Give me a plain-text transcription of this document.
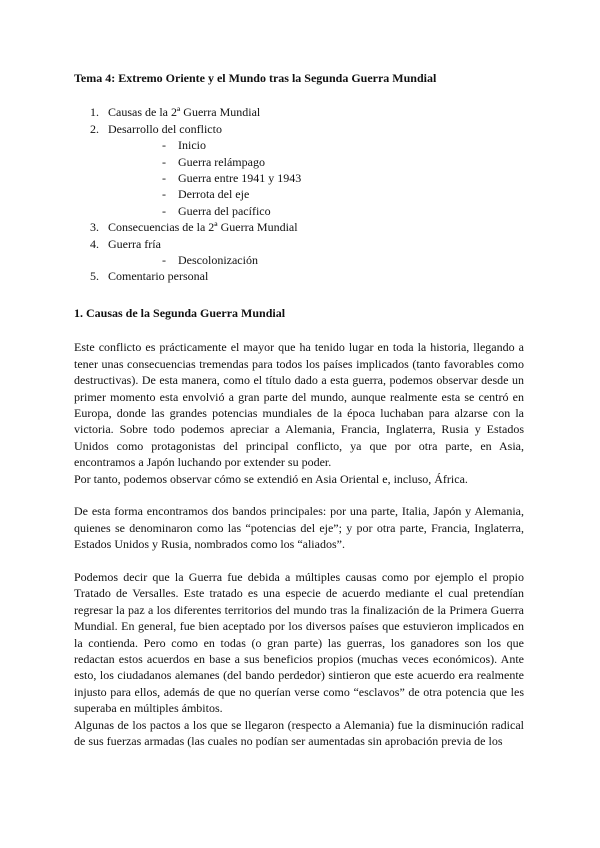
Tema 4: Extremo Oriente y el Mundo tras la Segunda Guerra Mundial
1. Causas de la 2ª Guerra Mundial
2. Desarrollo del conflicto
- Inicio
- Guerra relámpago
- Guerra entre 1941 y 1943
- Derrota del eje
- Guerra del pacífico
3. Consecuencias de la 2ª Guerra Mundial
4. Guerra fría
- Descolonización
5. Comentario personal
1. Causas de la Segunda Guerra Mundial

Este conflicto es prácticamente el mayor que ha tenido lugar en toda la historia, llegando a tener unas consecuencias tremendas para todos los países implicados (tanto favorables como destructivas). De esta manera, como el título dado a esta guerra, podemos observar desde un primer momento esta envolvió a gran parte del mundo, aunque realmente esta se centró en Europa, donde las grandes potencias mundiales de la época luchaban para alzarse con la victoria. Sobre todo podemos apreciar a Alemania, Francia, Inglaterra, Rusia y Estados Unidos como protagonistas del principal conflicto, ya que por otra parte, en Asia, encontramos a Japón luchando por extender su poder.

Por tanto, podemos observar cómo se extendió en Asia Oriental e, incluso, África.

De esta forma encontramos dos bandos principales: por una parte, Italia, Japón y Alemania, quienes se denominaron como las “potencias del eje”; y por otra parte, Francia, Inglaterra, Estados Unidos y Rusia, nombrados como los “aliados”.

Podemos decir que la Guerra fue debida a múltiples causas como por ejemplo el propio Tratado de Versalles. Este tratado es una especie de acuerdo mediante el cual pretendían regresar la paz a los diferentes territorios del mundo tras la finalización de la Primera Guerra Mundial. En general, fue bien aceptado por los diversos países que estuvieron implicados en la contienda. Pero como en todas (o gran parte) las guerras, los ganadores son los que redactan estos acuerdos en base a sus beneficios propios (muchas veces económicos). Ante esto, los ciudadanos alemanes (del bando perdedor) sintieron que este acuerdo era realmente injusto para ellos, además de que no querían verse como “esclavos” de otra potencia que les superaba en múltiples ámbitos.

Algunas de los pactos a los que se llegaron (respecto a Alemania) fue la disminución radical de sus fuerzas armadas (las cuales no podían ser aumentadas sin aprobación previa de los
